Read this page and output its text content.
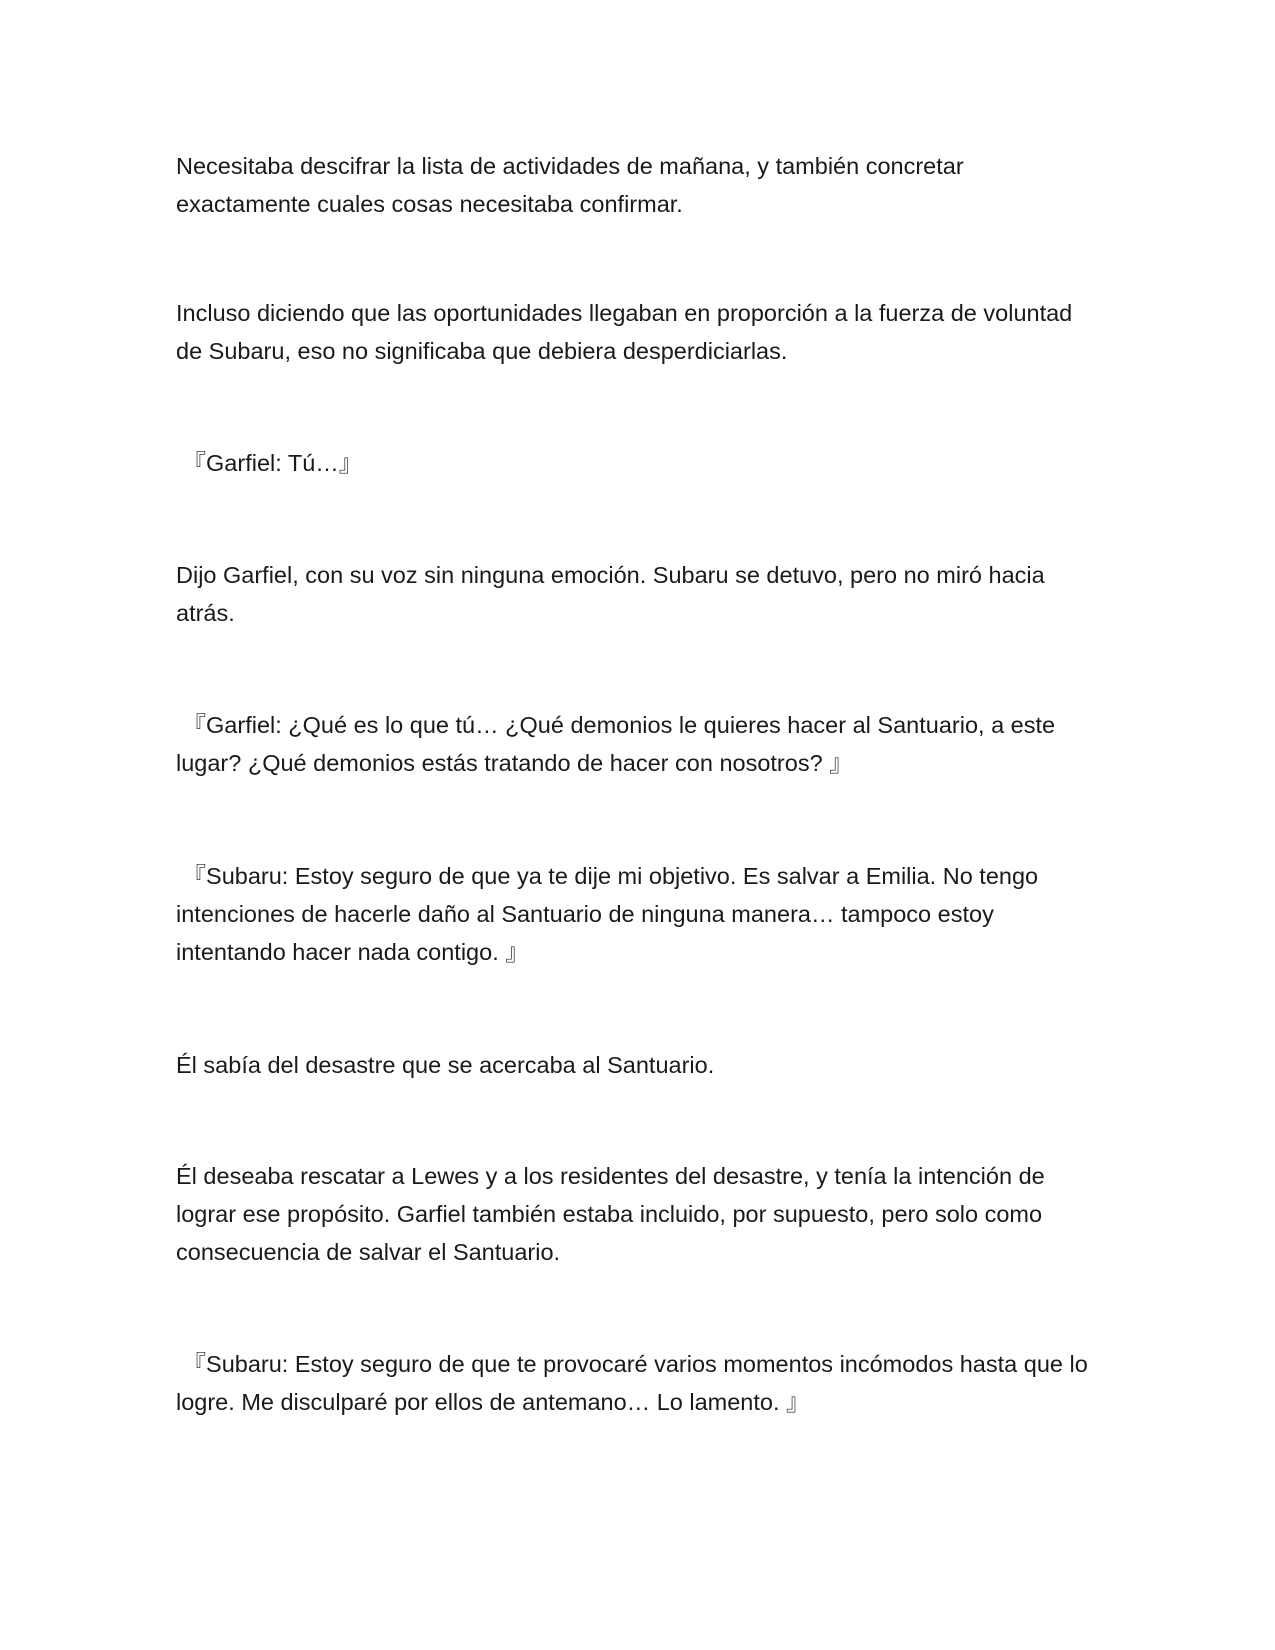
Necesitaba descifrar la lista de actividades de mañana, y también concretar exactamente cuales cosas necesitaba confirmar.

Incluso diciendo que las oportunidades llegaban en proporción a la fuerza de voluntad de Subaru, eso no significaba que debiera desperdiciarlas.

『Garfiel: Tú…』

Dijo Garfiel, con su voz sin ninguna emoción. Subaru se detuvo, pero no miró hacia atrás.

『Garfiel: ¿Qué es lo que tú… ¿Qué demonios le quieres hacer al Santuario, a este lugar? ¿Qué demonios estás tratando de hacer con nosotros? 』

『Subaru: Estoy seguro de que ya te dije mi objetivo. Es salvar a Emilia. No tengo intenciones de hacerle daño al Santuario de ninguna manera… tampoco estoy intentando hacer nada contigo. 』

Él sabía del desastre que se acercaba al Santuario.

Él deseaba rescatar a Lewes y a los residentes del desastre, y tenía la intención de lograr ese propósito. Garfiel también estaba incluido, por supuesto, pero solo como consecuencia de salvar el Santuario.

『Subaru: Estoy seguro de que te provocaré varios momentos incómodos hasta que lo logre. Me disculparé por ellos de antemano… Lo lamento. 』
